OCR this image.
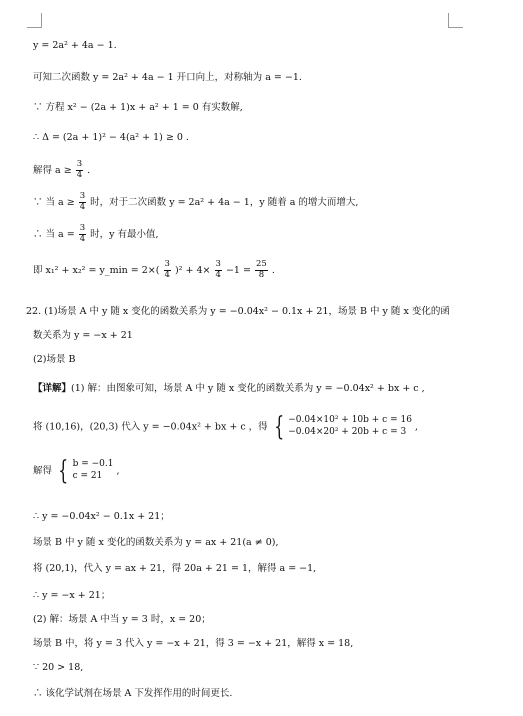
y = 2a² + 4a − 1.
可知二次函数 y = 2a² + 4a − 1 开口向上，对称轴为 a = −1.
∵ 方程 x² − (2a + 1)x + a² + 1 = 0 有实数解,
∴ Δ = (2a + 1)² − 4(a² + 1) ≥ 0 .
解得 $a \ge \frac{3}{4}$ .
∵ 当 $a \ge \frac{3}{4}$ 时，对于二次函数 y = 2a² + 4a − 1，y 随着 a 的增大而增大,
∴ 当 $a = \frac{3}{4}$ 时，y 有最小值,
即 x₁² + x₂² = y_min = $2\times( \frac{3}{4} )^2 + 4\times \frac{3}{4} -1 = \frac{25}{8}$ .
22. (1)场景 A 中 y 随 x 变化的函数关系为 y = −0.04x² − 0.1x + 21，场景 B 中 y 随 x 变化的函
数关系为 y = −x + 21
(2)场景 B
【详解】(1) 解：由图象可知，场景 A 中 y 随 x 变化的函数关系为 y = −0.04x² + bx + c ,
将 (10,16)，(20,3) 代入 y = −0.04x² + bx + c ，得 { −0.04×10² + 10b + c = 16
−0.04×20² + 20b + c = 3 ,
解得 { b = −0.1
c = 21	,
∴ y = −0.04x² − 0.1x + 21；
场景 B 中 y 随 x 变化的函数关系为 y = ax + 21(a ≠ 0),
将 (20,1)，代入 y = ax + 21，得 20a + 21 = 1，解得 a = −1,
∴ y = −x + 21；
(2) 解：场景 A 中当 y = 3 时，x = 20；
场景 B 中，将 y = 3 代入 y = −x + 21，得 3 = −x + 21，解得 x = 18,
∵ 20 > 18,
∴ 该化学试剂在场景 A 下发挥作用的时间更长.
